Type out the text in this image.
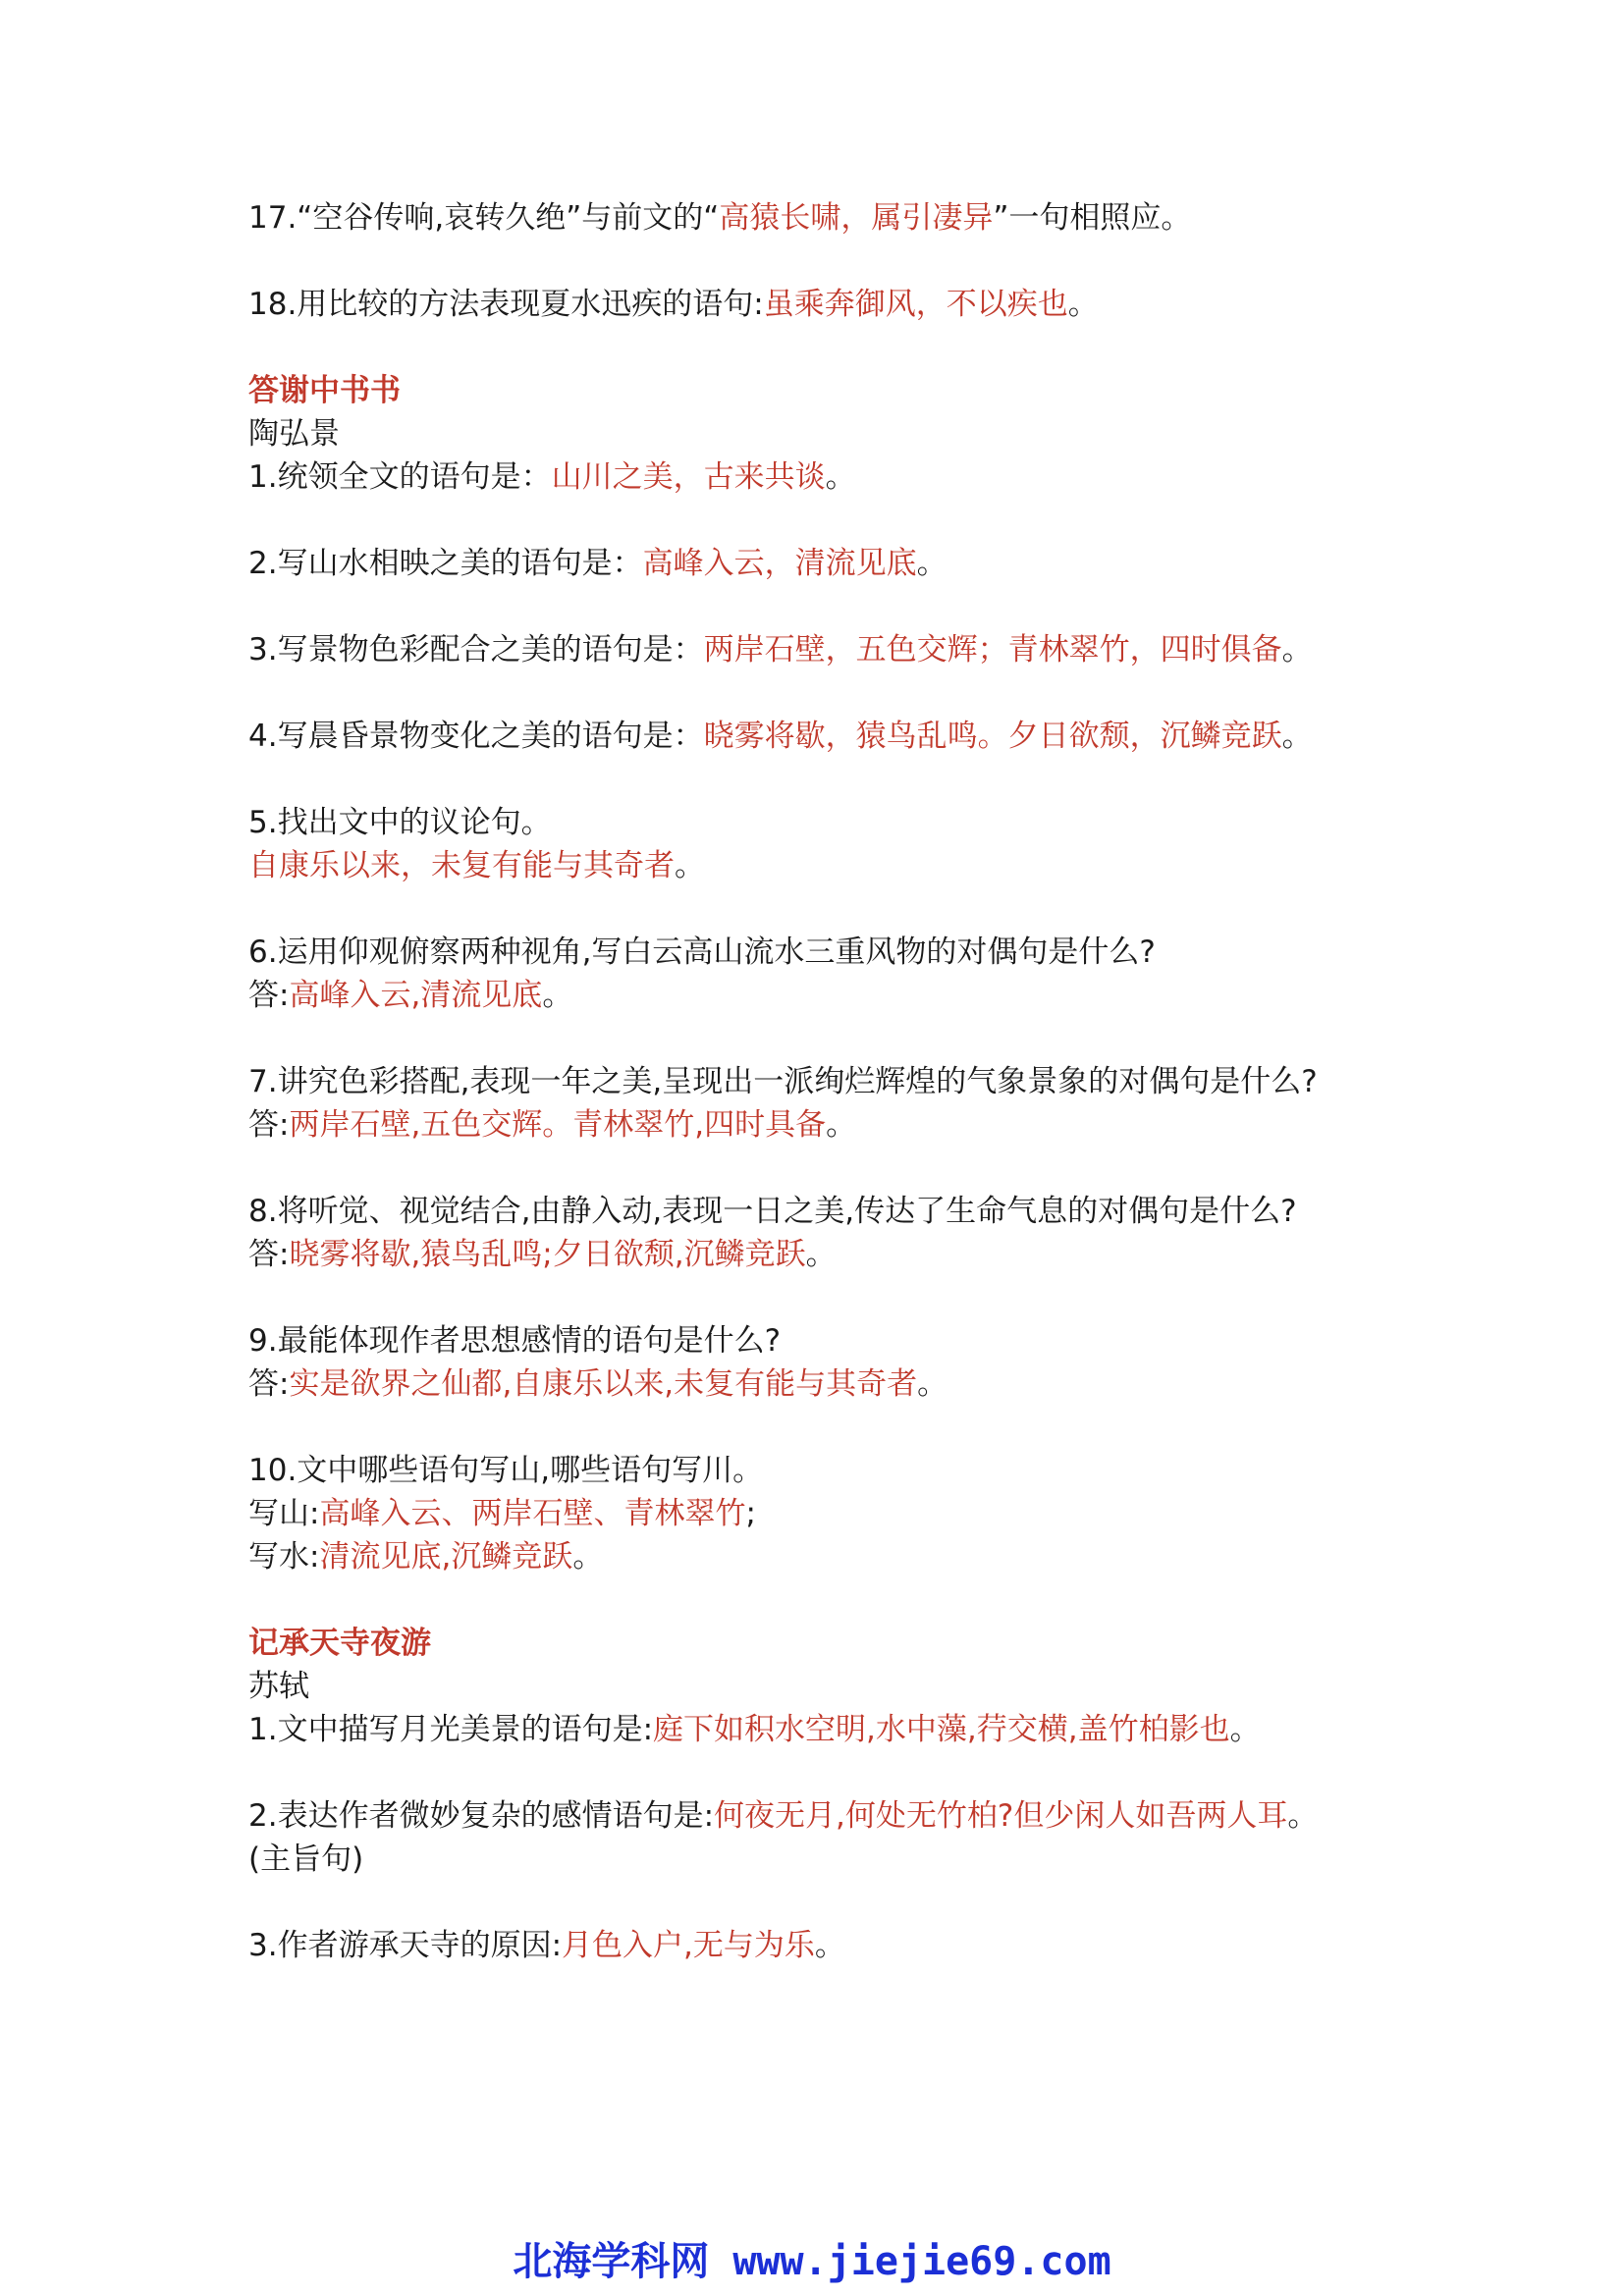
17.“空谷传响,哀转久绝”与前文的“高猿长啸，属引凄异”一句相照应。
18.用比较的方法表现夏水迅疾的语句:虽乘奔御风，不以疾也。
答谢中书书
陶弘景
1.统领全文的语句是：山川之美，古来共谈。
2.写山水相映之美的语句是：高峰入云，清流见底。
3.写景物色彩配合之美的语句是：两岸石壁，五色交辉；青林翠竹，四时俱备。
4.写晨昏景物变化之美的语句是：晓雾将歇，猿鸟乱鸣。夕日欲颓，沉鳞竞跃。
5.找出文中的议论句。
自康乐以来，未复有能与其奇者。
6.运用仰观俯察两种视角,写白云高山流水三重风物的对偶句是什么?
答:高峰入云,清流见底。
7.讲究色彩搭配,表现一年之美,呈现出一派绚烂辉煌的气象景象的对偶句是什么?
答:两岸石壁,五色交辉。青林翠竹,四时具备。
8.将听觉、视觉结合,由静入动,表现一日之美,传达了生命气息的对偶句是什么?
答:晓雾将歇,猿鸟乱鸣;夕日欲颓,沉鳞竞跃。
9.最能体现作者思想感情的语句是什么?
答:实是欲界之仙都,自康乐以来,未复有能与其奇者。
10.文中哪些语句写山,哪些语句写川。
写山:高峰入云、两岸石壁、青林翠竹;
写水:清流见底,沉鳞竞跃。
记承天寺夜游
苏轼
1.文中描写月光美景的语句是:庭下如积水空明,水中藻,荇交横,盖竹柏影也。
2.表达作者微妙复杂的感情语句是:何夜无月,何处无竹柏?但少闲人如吾两人耳。
(主旨句)
3.作者游承天寺的原因:月色入户,无与为乐。
北海学科网 www.jiejie69.com
